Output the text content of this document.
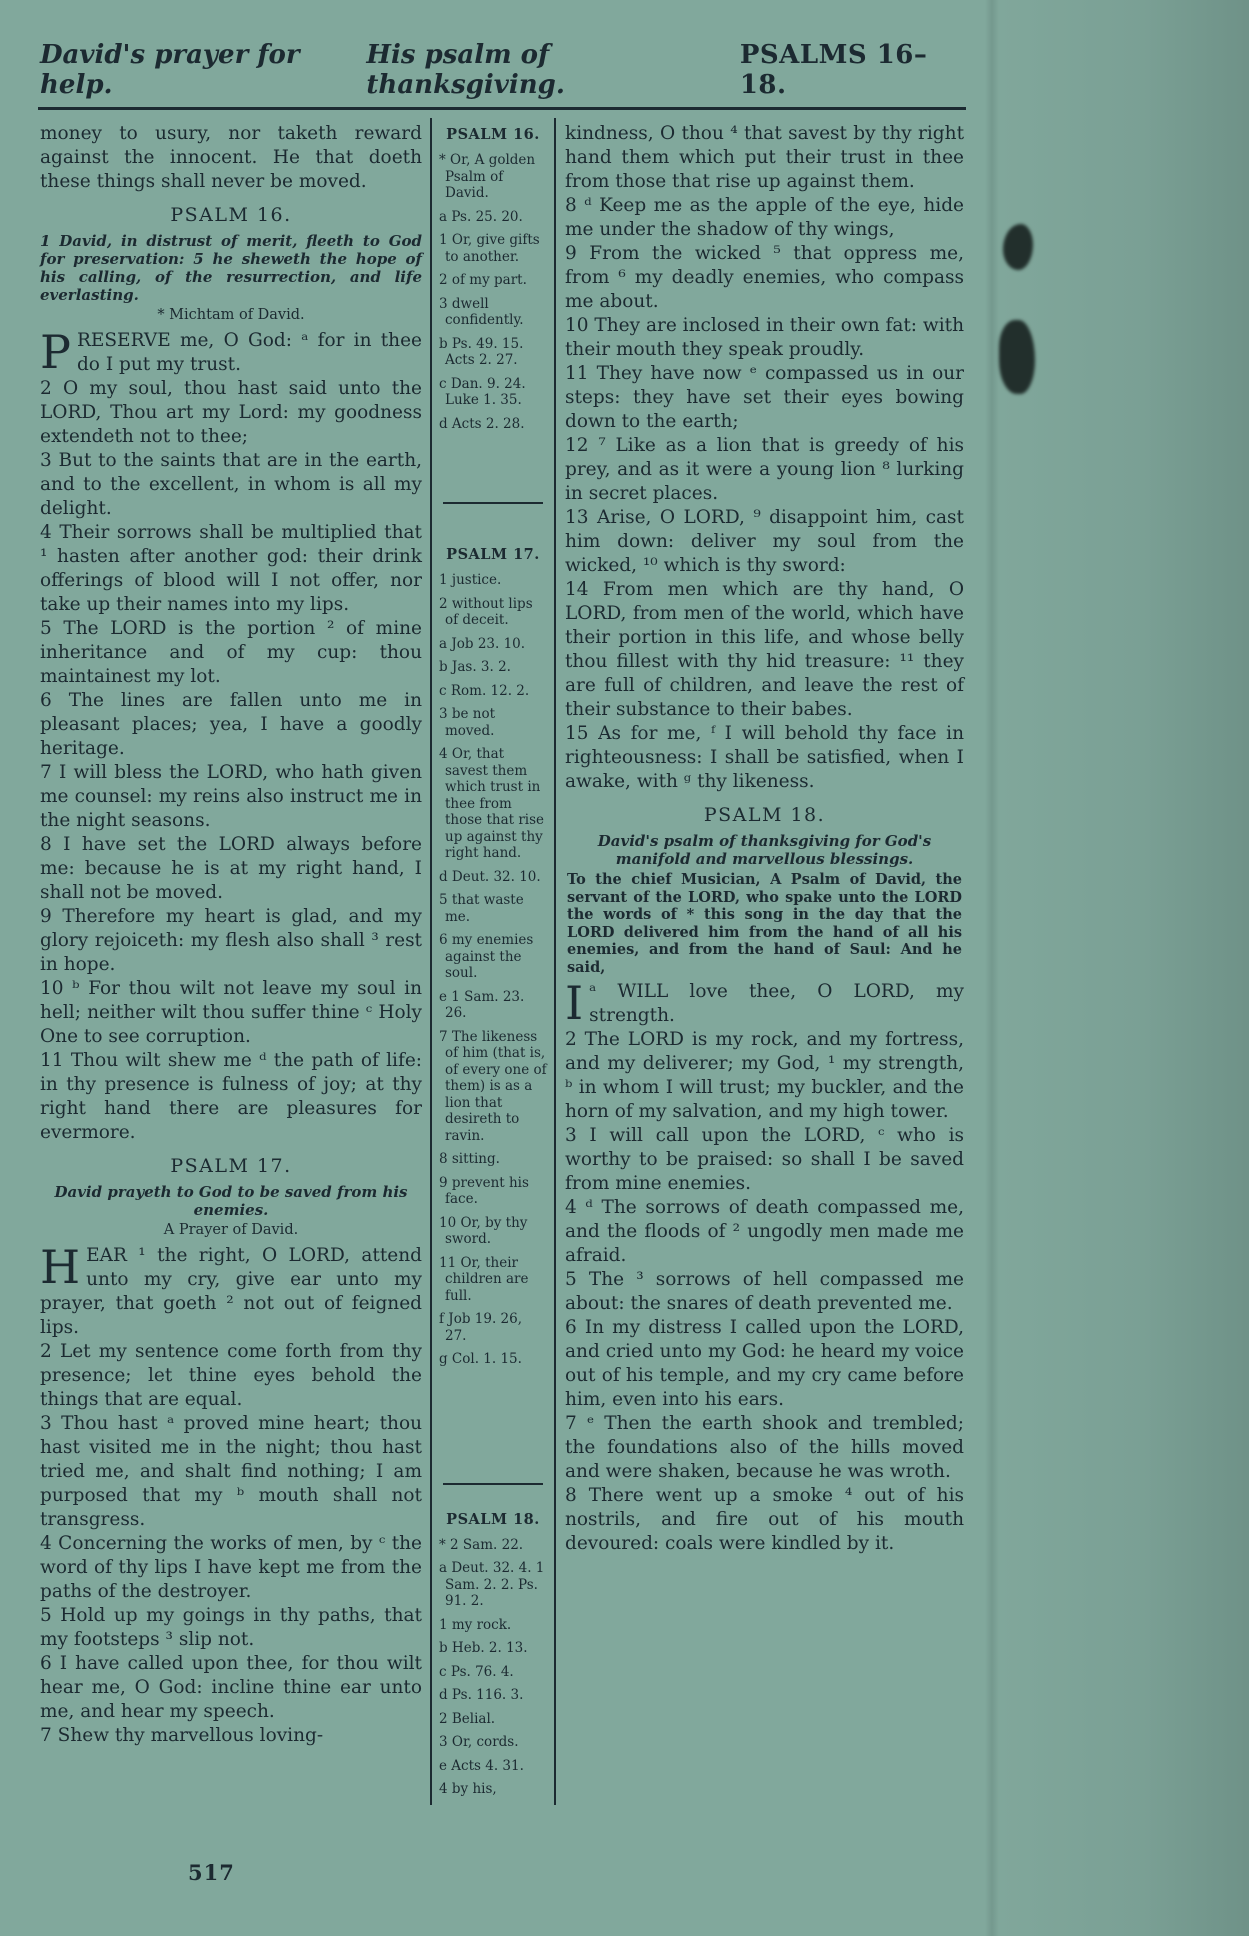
David's prayer for help.
His psalm of thanksgiving.
PSALMS 16–18.

money to usury, nor taketh reward against the innocent. He that doeth these things shall never be moved.

PSALM 16.

1 David, in distrust of merit, fleeth to God for preservation: 5 he sheweth the hope of his calling, of the resurrection, and life everlasting.

* Michtam of David.

PRESERVE me, O God: ᵃ for in thee do I put my trust.

2 O my soul, thou hast said unto the LORD, Thou art my Lord: my goodness extendeth not to thee;

3 But to the saints that are in the earth, and to the excellent, in whom is all my delight.

4 Their sorrows shall be multiplied that ¹ hasten after another god: their drink offerings of blood will I not offer, nor take up their names into my lips.

5 The LORD is the portion ² of mine inheritance and of my cup: thou maintainest my lot.

6 The lines are fallen unto me in pleasant places; yea, I have a goodly heritage.

7 I will bless the LORD, who hath given me counsel: my reins also instruct me in the night seasons.

8 I have set the LORD always before me: because he is at my right hand, I shall not be moved.

9 Therefore my heart is glad, and my glory rejoiceth: my flesh also shall ³ rest in hope.

10 ᵇ For thou wilt not leave my soul in hell; neither wilt thou suffer thine ᶜ Holy One to see corruption.

11 Thou wilt shew me ᵈ the path of life: in thy presence is fulness of joy; at thy right hand there are pleasures for evermore.

PSALM 17.

David prayeth to God to be saved from his enemies.

A Prayer of David.

HEAR ¹ the right, O LORD, attend unto my cry, give ear unto my prayer, that goeth ² not out of feigned lips.

2 Let my sentence come forth from thy presence; let thine eyes behold the things that are equal.

3 Thou hast ᵃ proved mine heart; thou hast visited me in the night; thou hast tried me, and shalt find nothing; I am purposed that my ᵇ mouth shall not transgress.

4 Concerning the works of men, by ᶜ the word of thy lips I have kept me from the paths of the destroyer.

5 Hold up my goings in thy paths, that my footsteps ³ slip not.

6 I have called upon thee, for thou wilt hear me, O God: incline thine ear unto me, and hear my speech.

7 Shew thy marvellous loving-

PSALM 16.

* Or, A golden Psalm of David.

a Ps. 25. 20.

1 Or, give gifts to another.

2 of my part.

3 dwell confidently.

b Ps. 49. 15. Acts 2. 27.

c Dan. 9. 24. Luke 1. 35.

d Acts 2. 28.

PSALM 17.

1 justice.

2 without lips of deceit.

a Job 23. 10.

b Jas. 3. 2.

c Rom. 12. 2.

3 be not moved.

4 Or, that savest them which trust in thee from those that rise up against thy right hand.

d Deut. 32. 10.

5 that waste me.

6 my enemies against the soul.

e 1 Sam. 23. 26.

7 The likeness of him (that is, of every one of them) is as a lion that desireth to ravin.

8 sitting.

9 prevent his face.

10 Or, by thy sword.

11 Or, their children are full.

f Job 19. 26, 27.

g Col. 1. 15.

PSALM 18.

* 2 Sam. 22.

a Deut. 32. 4. 1 Sam. 2. 2. Ps. 91. 2.

1 my rock.

b Heb. 2. 13.

c Ps. 76. 4.

d Ps. 116. 3.

2 Belial.

3 Or, cords.

e Acts 4. 31.

4 by his,

kindness, O thou ⁴ that savest by thy right hand them which put their trust in thee from those that rise up against them.

8 ᵈ Keep me as the apple of the eye, hide me under the shadow of thy wings,

9 From the wicked ⁵ that oppress me, from ⁶ my deadly enemies, who compass me about.

10 They are inclosed in their own fat: with their mouth they speak proudly.

11 They have now ᵉ compassed us in our steps: they have set their eyes bowing down to the earth;

12 ⁷ Like as a lion that is greedy of his prey, and as it were a young lion ⁸ lurking in secret places.

13 Arise, O LORD, ⁹ disappoint him, cast him down: deliver my soul from the wicked, ¹⁰ which is thy sword:

14 From men which are thy hand, O LORD, from men of the world, which have their portion in this life, and whose belly thou fillest with thy hid treasure: ¹¹ they are full of children, and leave the rest of their substance to their babes.

15 As for me, ᶠ I will behold thy face in righteousness: I shall be satisfied, when I awake, with ᵍ thy likeness.

PSALM 18.

David's psalm of thanksgiving for God's manifold and marvellous blessings.

To the chief Musician, A Psalm of David, the servant of the LORD, who spake unto the LORD the words of * this song in the day that the LORD delivered him from the hand of all his enemies, and from the hand of Saul: And he said,

I ᵃ WILL love thee, O LORD, my strength.

2 The LORD is my rock, and my fortress, and my deliverer; my God, ¹ my strength, ᵇ in whom I will trust; my buckler, and the horn of my salvation, and my high tower.

3 I will call upon the LORD, ᶜ who is worthy to be praised: so shall I be saved from mine enemies.

4 ᵈ The sorrows of death compassed me, and the floods of ² ungodly men made me afraid.

5 The ³ sorrows of hell compassed me about: the snares of death prevented me.

6 In my distress I called upon the LORD, and cried unto my God: he heard my voice out of his temple, and my cry came before him, even into his ears.

7 ᵉ Then the earth shook and trembled; the foundations also of the hills moved and were shaken, because he was wroth.

8 There went up a smoke ⁴ out of his nostrils, and fire out of his mouth devoured: coals were kindled by it.

517
